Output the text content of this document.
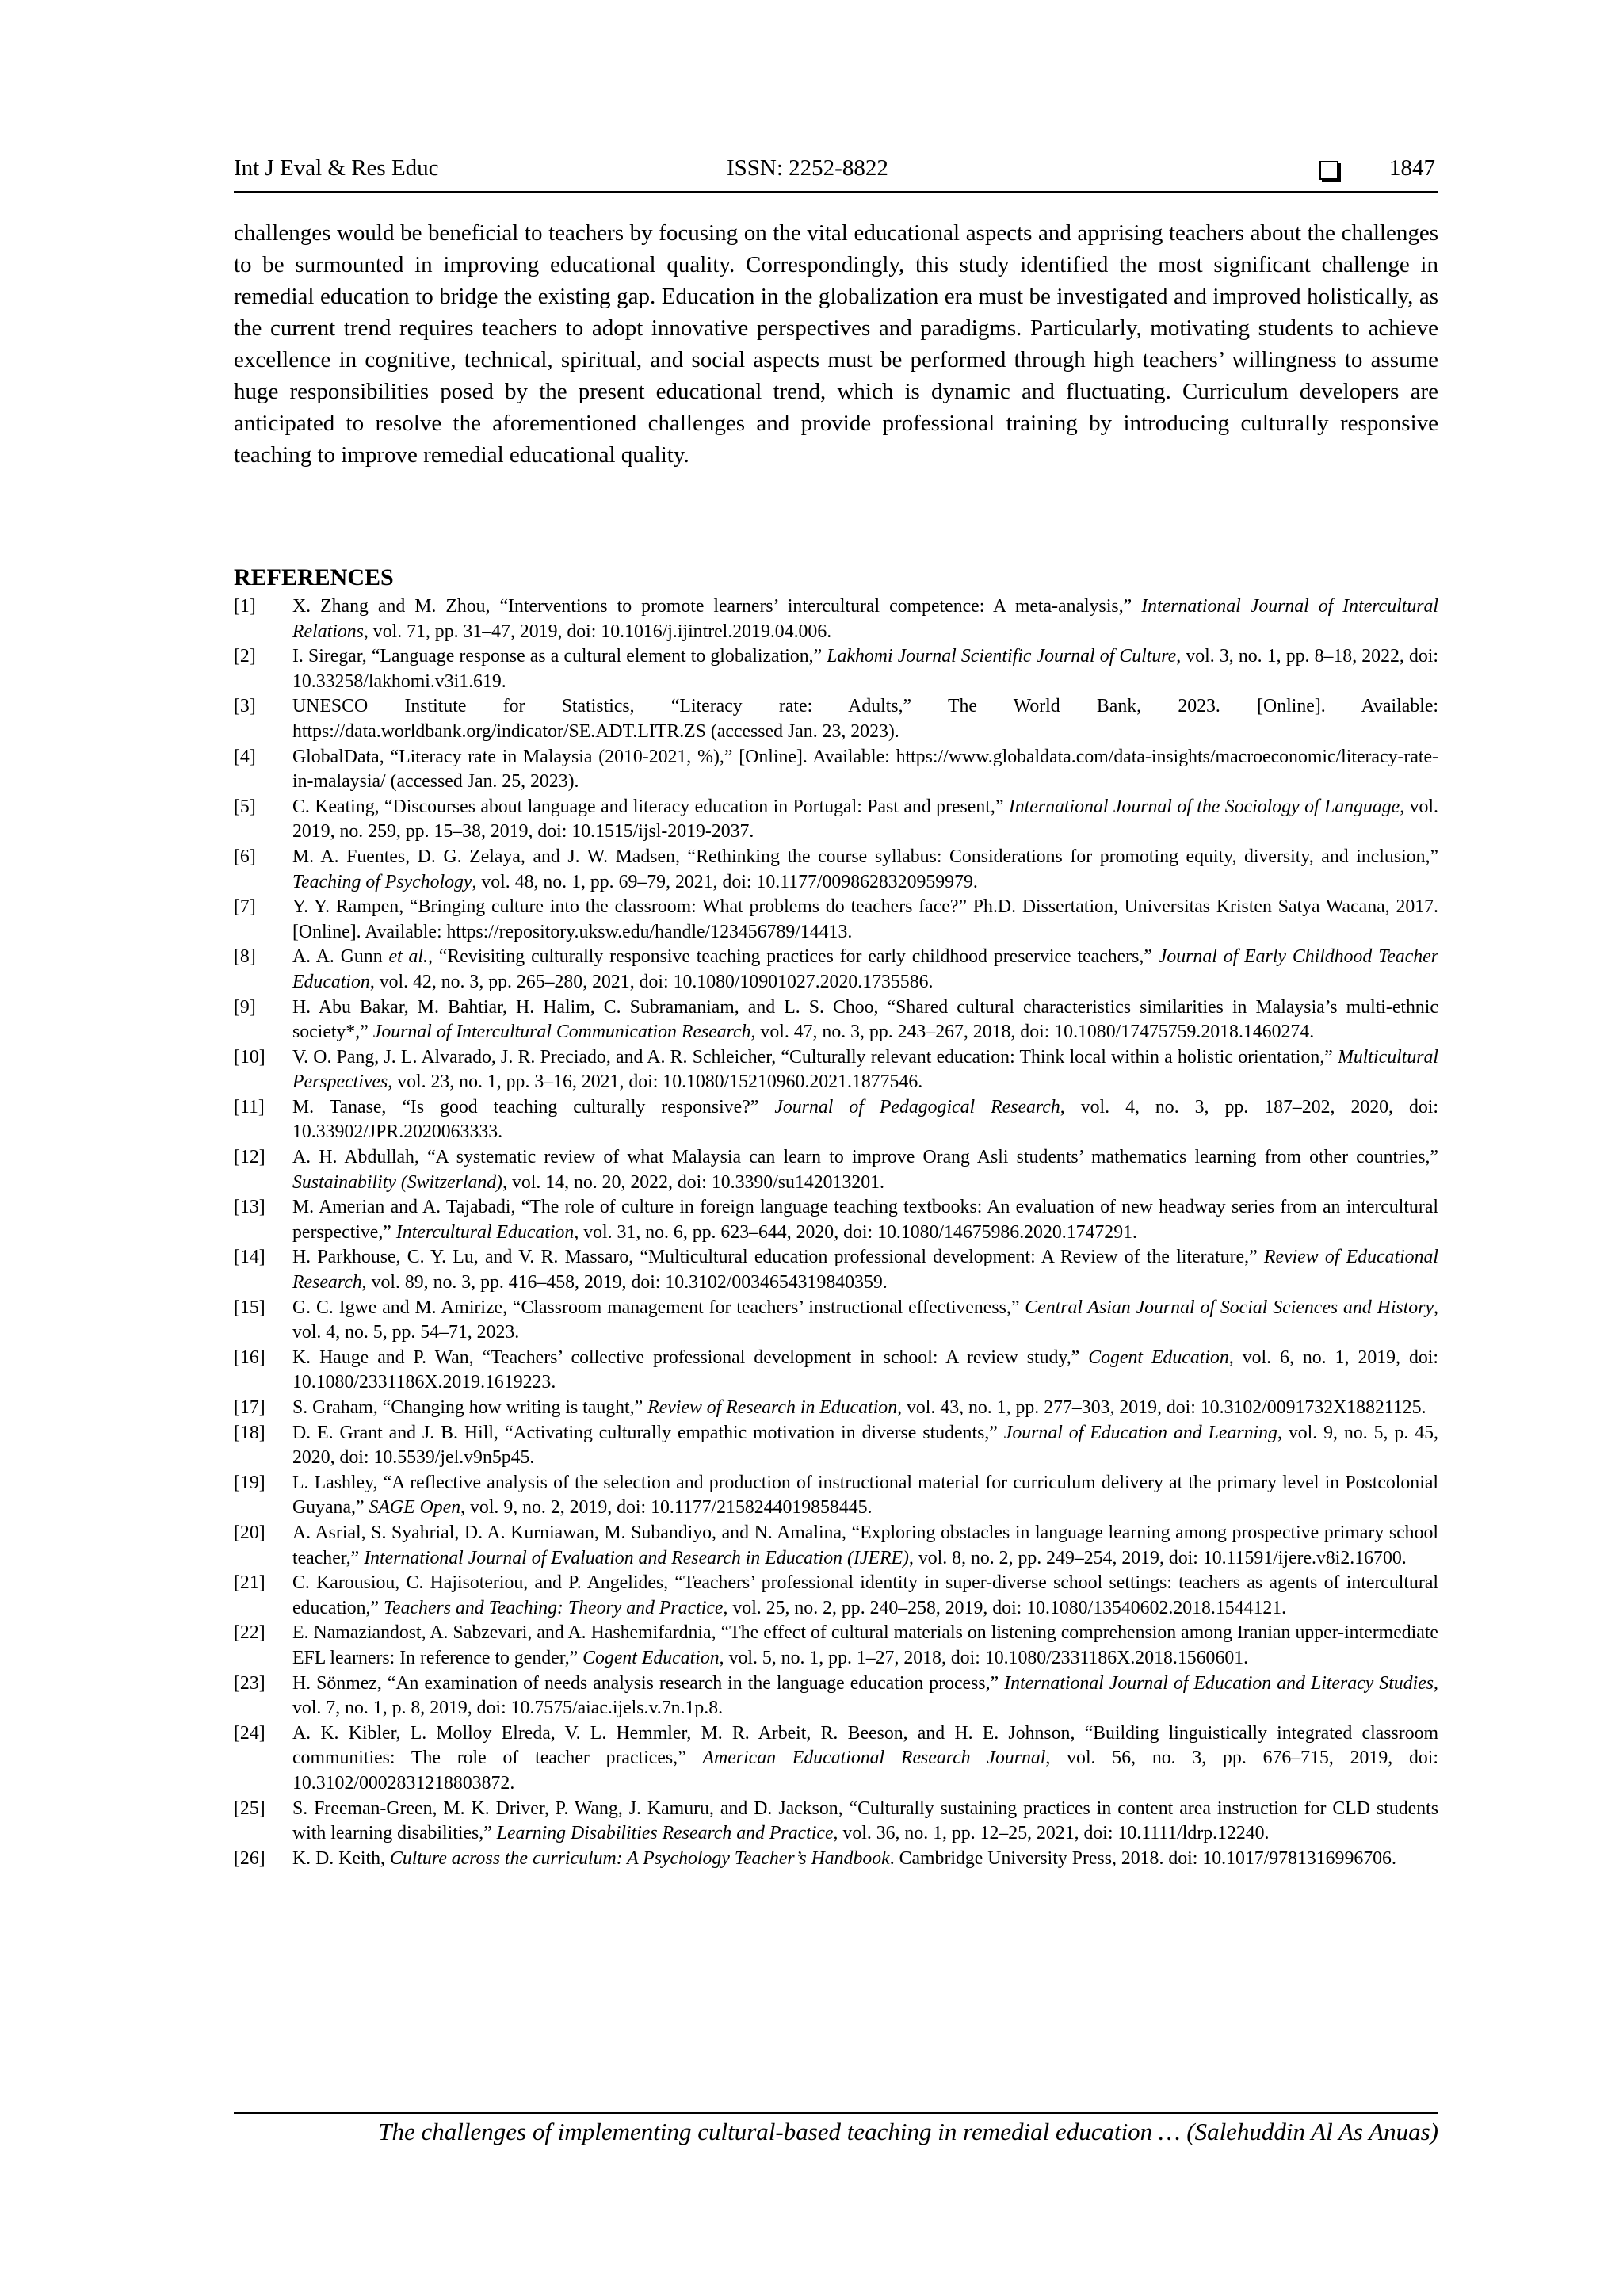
Int J Eval & Res Educ	ISSN: 2252-8822	1847

challenges would be beneficial to teachers by focusing on the vital educational aspects and apprising teachers about the challenges to be surmounted in improving educational quality. Correspondingly, this study identified the most significant challenge in remedial education to bridge the existing gap. Education in the globalization era must be investigated and improved holistically, as the current trend requires teachers to adopt innovative perspectives and paradigms. Particularly, motivating students to achieve excellence in cognitive, technical, spiritual, and social aspects must be performed through high teachers’ willingness to assume huge responsibilities posed by the present educational trend, which is dynamic and fluctuating. Curriculum developers are anticipated to resolve the aforementioned challenges and provide professional training by introducing culturally responsive teaching to improve remedial educational quality.

REFERENCES
[1] X. Zhang and M. Zhou, “Interventions to promote learners’ intercultural competence: A meta-analysis,” International Journal of Intercultural Relations, vol. 71, pp. 31–47, 2019, doi: 10.1016/j.ijintrel.2019.04.006.
[2] I. Siregar, “Language response as a cultural element to globalization,” Lakhomi Journal Scientific Journal of Culture, vol. 3, no. 1, pp. 8–18, 2022, doi: 10.33258/lakhomi.v3i1.619.
[3] UNESCO Institute for Statistics, “Literacy rate: Adults,” The World Bank, 2023. [Online]. Available: https://data.worldbank.org/indicator/SE.ADT.LITR.ZS (accessed Jan. 23, 2023).
[4] GlobalData, “Literacy rate in Malaysia (2010-2021, %),” [Online]. Available: https://www.globaldata.com/data-insights/macroeconomic/literacy-rate-in-malaysia/ (accessed Jan. 25, 2023).
[5] C. Keating, “Discourses about language and literacy education in Portugal: Past and present,” International Journal of the Sociology of Language, vol. 2019, no. 259, pp. 15–38, 2019, doi: 10.1515/ijsl-2019-2037.
[6] M. A. Fuentes, D. G. Zelaya, and J. W. Madsen, “Rethinking the course syllabus: Considerations for promoting equity, diversity, and inclusion,” Teaching of Psychology, vol. 48, no. 1, pp. 69–79, 2021, doi: 10.1177/0098628320959979.
[7] Y. Y. Rampen, “Bringing culture into the classroom: What problems do teachers face?” Ph.D. Dissertation, Universitas Kristen Satya Wacana, 2017. [Online]. Available: https://repository.uksw.edu/handle/123456789/14413.
[8] A. A. Gunn et al., “Revisiting culturally responsive teaching practices for early childhood preservice teachers,” Journal of Early Childhood Teacher Education, vol. 42, no. 3, pp. 265–280, 2021, doi: 10.1080/10901027.2020.1735586.
[9] H. Abu Bakar, M. Bahtiar, H. Halim, C. Subramaniam, and L. S. Choo, “Shared cultural characteristics similarities in Malaysia’s multi-ethnic society*,” Journal of Intercultural Communication Research, vol. 47, no. 3, pp. 243–267, 2018, doi: 10.1080/17475759.2018.1460274.
[10] V. O. Pang, J. L. Alvarado, J. R. Preciado, and A. R. Schleicher, “Culturally relevant education: Think local within a holistic orientation,” Multicultural Perspectives, vol. 23, no. 1, pp. 3–16, 2021, doi: 10.1080/15210960.2021.1877546.
[11] M. Tanase, “Is good teaching culturally responsive?” Journal of Pedagogical Research, vol. 4, no. 3, pp. 187–202, 2020, doi: 10.33902/JPR.2020063333.
[12] A. H. Abdullah, “A systematic review of what Malaysia can learn to improve Orang Asli students’ mathematics learning from other countries,” Sustainability (Switzerland), vol. 14, no. 20, 2022, doi: 10.3390/su142013201.
[13] M. Amerian and A. Tajabadi, “The role of culture in foreign language teaching textbooks: An evaluation of new headway series from an intercultural perspective,” Intercultural Education, vol. 31, no. 6, pp. 623–644, 2020, doi: 10.1080/14675986.2020.1747291.
[14] H. Parkhouse, C. Y. Lu, and V. R. Massaro, “Multicultural education professional development: A Review of the literature,” Review of Educational Research, vol. 89, no. 3, pp. 416–458, 2019, doi: 10.3102/0034654319840359.
[15] G. C. Igwe and M. Amirize, “Classroom management for teachers’ instructional effectiveness,” Central Asian Journal of Social Sciences and History, vol. 4, no. 5, pp. 54–71, 2023.
[16] K. Hauge and P. Wan, “Teachers’ collective professional development in school: A review study,” Cogent Education, vol. 6, no. 1, 2019, doi: 10.1080/2331186X.2019.1619223.
[17] S. Graham, “Changing how writing is taught,” Review of Research in Education, vol. 43, no. 1, pp. 277–303, 2019, doi: 10.3102/0091732X18821125.
[18] D. E. Grant and J. B. Hill, “Activating culturally empathic motivation in diverse students,” Journal of Education and Learning, vol. 9, no. 5, p. 45, 2020, doi: 10.5539/jel.v9n5p45.
[19] L. Lashley, “A reflective analysis of the selection and production of instructional material for curriculum delivery at the primary level in Postcolonial Guyana,” SAGE Open, vol. 9, no. 2, 2019, doi: 10.1177/2158244019858445.
[20] A. Asrial, S. Syahrial, D. A. Kurniawan, M. Subandiyo, and N. Amalina, “Exploring obstacles in language learning among prospective primary school teacher,” International Journal of Evaluation and Research in Education (IJERE), vol. 8, no. 2, pp. 249–254, 2019, doi: 10.11591/ijere.v8i2.16700.
[21] C. Karousiou, C. Hajisoteriou, and P. Angelides, “Teachers’ professional identity in super-diverse school settings: teachers as agents of intercultural education,” Teachers and Teaching: Theory and Practice, vol. 25, no. 2, pp. 240–258, 2019, doi: 10.1080/13540602.2018.1544121.
[22] E. Namaziandost, A. Sabzevari, and A. Hashemifardnia, “The effect of cultural materials on listening comprehension among Iranian upper-intermediate EFL learners: In reference to gender,” Cogent Education, vol. 5, no. 1, pp. 1–27, 2018, doi: 10.1080/2331186X.2018.1560601.
[23] H. Sönmez, “An examination of needs analysis research in the language education process,” International Journal of Education and Literacy Studies, vol. 7, no. 1, p. 8, 2019, doi: 10.7575/aiac.ijels.v.7n.1p.8.
[24] A. K. Kibler, L. Molloy Elreda, V. L. Hemmler, M. R. Arbeit, R. Beeson, and H. E. Johnson, “Building linguistically integrated classroom communities: The role of teacher practices,” American Educational Research Journal, vol. 56, no. 3, pp. 676–715, 2019, doi: 10.3102/0002831218803872.
[25] S. Freeman-Green, M. K. Driver, P. Wang, J. Kamuru, and D. Jackson, “Culturally sustaining practices in content area instruction for CLD students with learning disabilities,” Learning Disabilities Research and Practice, vol. 36, no. 1, pp. 12–25, 2021, doi: 10.1111/ldrp.12240.
[26] K. D. Keith, Culture across the curriculum: A Psychology Teacher’s Handbook. Cambridge University Press, 2018. doi: 10.1017/9781316996706.
The challenges of implementing cultural-based teaching in remedial education … (Salehuddin Al As Anuas)
